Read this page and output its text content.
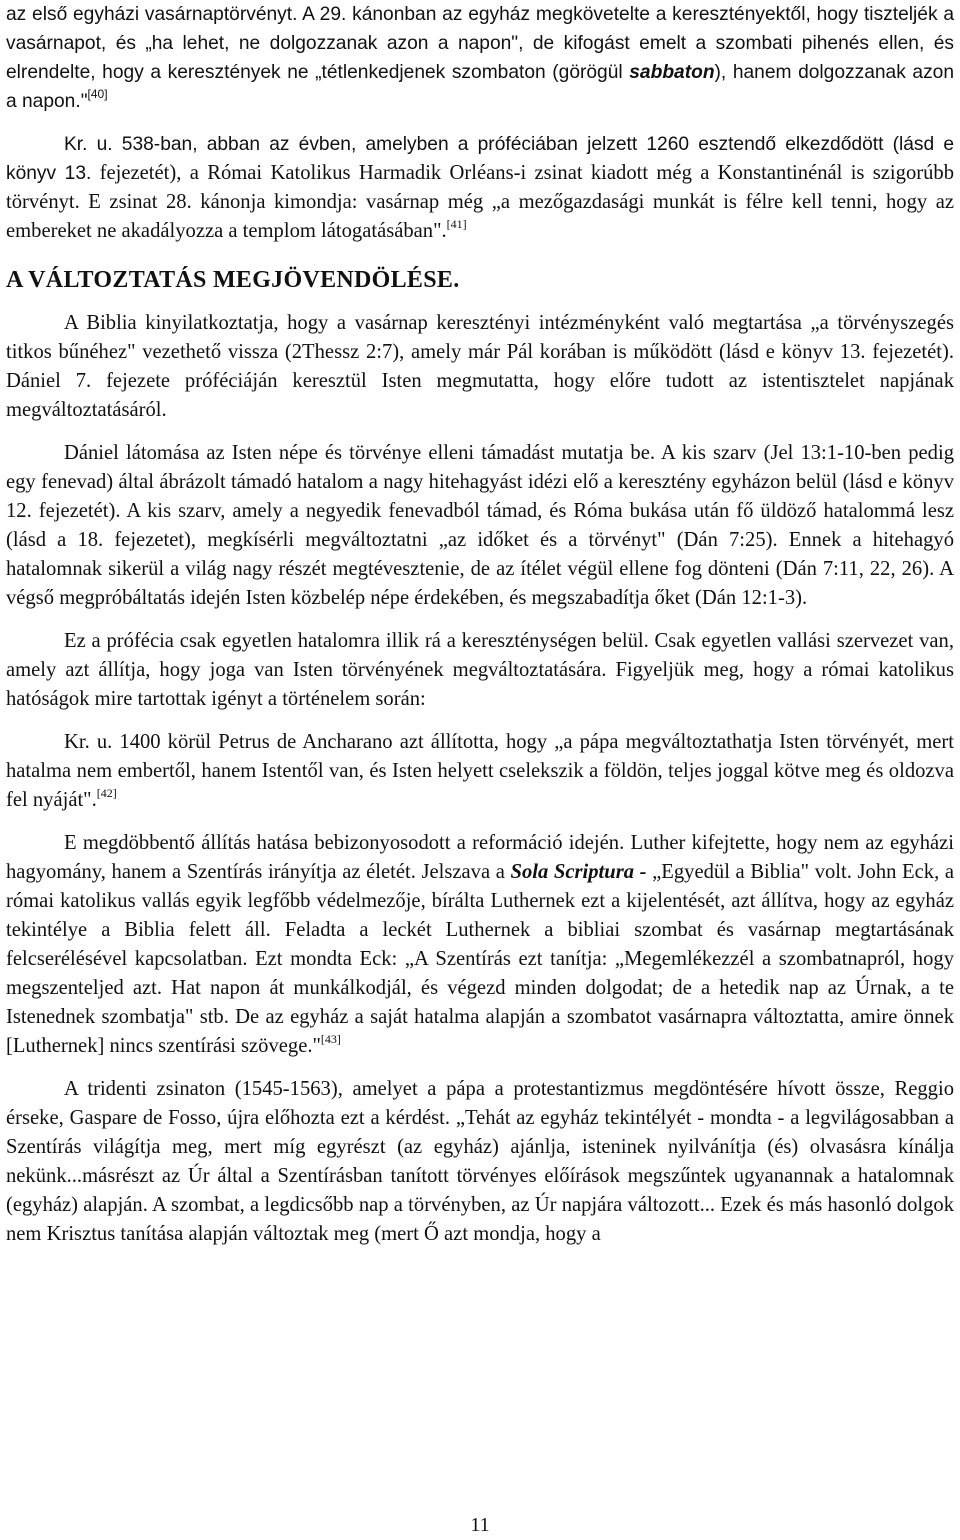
az első egyházi vasárnaptörvényt. A 29. kánonban az egyház megkövetelte a keresztényektől, hogy tiszteljék a vasárnapot, és „ha lehet, ne dolgozzanak azon a napon", de kifogást emelt a szombati pihenés ellen, és elrendelte, hogy a keresztények ne „tétlenkedjenek szombaton (görögül sabbaton), hanem dolgozzanak azon a napon."[40]

Kr. u. 538-ban, abban az évben, amelyben a próféciában jelzett 1260 esztendő elkezdődött (lásd e könyv 13. fejezetét), a Római Katolikus Harmadik Orléans-i zsinat kiadott még a Konstantinénál is szigorúbb törvényt. E zsinat 28. kánonja kimondja: vasárnap még „a mezőgazdasági munkát is félre kell tenni, hogy az embereket ne akadályozza a templom látogatásában".[41]

A VÁLTOZTATÁS MEGJÖVENDÖLÉSE.

A Biblia kinyilatkoztatja, hogy a vasárnap keresztényi intézményként való megtartása „a törvényszegés titkos bűnéhez" vezethető vissza (2Thessz 2:7), amely már Pál korában is működött (lásd e könyv 13. fejezetét). Dániel 7. fejezete próféciáján keresztül Isten megmutatta, hogy előre tudott az istentisztelet napjának megváltoztatásáról.

Dániel látomása az Isten népe és törvénye elleni támadást mutatja be. A kis szarv (Jel 13:1-10-ben pedig egy fenevad) által ábrázolt támadó hatalom a nagy hitehagyást idézi elő a keresztény egyházon belül (lásd e könyv 12. fejezetét). A kis szarv, amely a negyedik fenevadból támad, és Róma bukása után fő üldöző hatalommá lesz (lásd a 18. fejezetet), megkísérli megváltoztatni „az időket és a törvényt" (Dán 7:25). Ennek a hitehagyó hatalomnak sikerül a világ nagy részét megtévesztenie, de az ítélet végül ellene fog dönteni (Dán 7:11, 22, 26). A végső megpróbáltatás idején Isten közbelép népe érdekében, és megszabadítja őket (Dán 12:1-3).

Ez a prófécia csak egyetlen hatalomra illik rá a kereszténységen belül. Csak egyetlen vallási szervezet van, amely azt állítja, hogy joga van Isten törvényének megváltoztatására. Figyeljük meg, hogy a római katolikus hatóságok mire tartottak igényt a történelem során:

Kr. u. 1400 körül Petrus de Ancharano azt állította, hogy „a pápa megváltoztathatja Isten törvényét, mert hatalma nem embertől, hanem Istentől van, és Isten helyett cselekszik a földön, teljes joggal kötve meg és oldozva fel nyáját".[42]

E megdöbbentő állítás hatása bebizonyosodott a reformáció idején. Luther kifejtette, hogy nem az egyházi hagyomány, hanem a Szentírás irányítja az életét. Jelszava a Sola Scriptura - „Egyedül a Biblia" volt. John Eck, a római katolikus vallás egyik legfőbb védelmezője, bírálta Luthernek ezt a kijelentését, azt állítva, hogy az egyház tekintélye a Biblia felett áll. Feladta a leckét Luthernek a bibliai szombat és vasárnap megtartásának felcserélésével kapcsolatban. Ezt mondta Eck: „A Szentírás ezt tanítja: „Megemlékezzél a szombatnapról, hogy megszenteljed azt. Hat napon át munkálkodjál, és végezd minden dolgodat; de a hetedik nap az Úrnak, a te Istenednek szombatja" stb. De az egyház a saját hatalma alapján a szombatot vasárnapra változtatta, amire önnek [Luthernek] nincs szentírási szövege."[43]

A tridenti zsinaton (1545-1563), amelyet a pápa a protestantizmus megdöntésére hívott össze, Reggio érseke, Gaspare de Fosso, újra előhozta ezt a kérdést. „Tehát az egyház tekintélyét - mondta - a legvilágosabban a Szentírás világítja meg, mert míg egyrészt (az egyház) ajánlja, isteninek nyilvánítja (és) olvasásra kínálja nekünk...másrészt az Úr által a Szentírásban tanított törvényes előírások megszűntek ugyanannak a hatalomnak (egyház) alapján. A szombat, a legdicsőbb nap a törvényben, az Úr napjára változott... Ezek és más hasonló dolgok nem Krisztus tanítása alapján változtak meg (mert Ő azt mondja, hogy a

11
